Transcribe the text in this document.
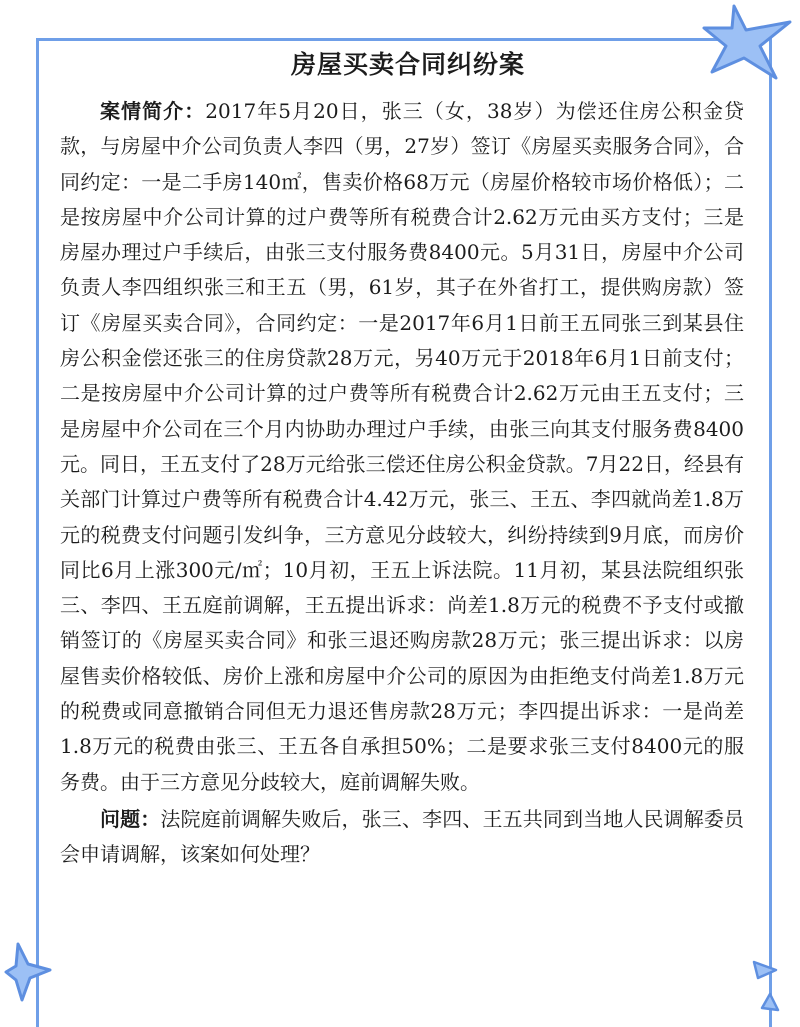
房屋买卖合同纠纷案

案情简介：2017年5月20日，张三（女，38岁）为偿还住房公积金贷款，与房屋中介公司负责人李四（男，27岁）签订《房屋买卖服务合同》，合同约定：一是二手房140㎡，售卖价格68万元（房屋价格较市场价格低）；二是按房屋中介公司计算的过户费等所有税费合计2.62万元由买方支付；三是房屋办理过户手续后，由张三支付服务费8400元。5月31日，房屋中介公司负责人李四组织张三和王五（男，61岁，其子在外省打工，提供购房款）签订《房屋买卖合同》，合同约定：一是2017年6月1日前王五同张三到某县住房公积金偿还张三的住房贷款28万元，另40万元于2018年6月1日前支付；二是按房屋中介公司计算的过户费等所有税费合计2.62万元由王五支付；三是房屋中介公司在三个月内协助办理过户手续，由张三向其支付服务费8400元。同日，王五支付了28万元给张三偿还住房公积金贷款。7月22日，经县有关部门计算过户费等所有税费合计4.42万元，张三、王五、李四就尚差1.8万元的税费支付问题引发纠争，三方意见分歧较大，纠纷持续到9月底，而房价同比6月上涨300元/㎡；10月初，王五上诉法院。11月初，某县法院组织张三、李四、王五庭前调解，王五提出诉求：尚差1.8万元的税费不予支付或撤销签订的《房屋买卖合同》和张三退还购房款28万元；张三提出诉求：以房屋售卖价格较低、房价上涨和房屋中介公司的原因为由拒绝支付尚差1.8万元的税费或同意撤销合同但无力退还售房款28万元；李四提出诉求：一是尚差1.8万元的税费由张三、王五各自承担50%；二是要求张三支付8400元的服务费。由于三方意见分歧较大，庭前调解失败。

问题：法院庭前调解失败后，张三、李四、王五共同到当地人民调解委员会申请调解，该案如何处理？
